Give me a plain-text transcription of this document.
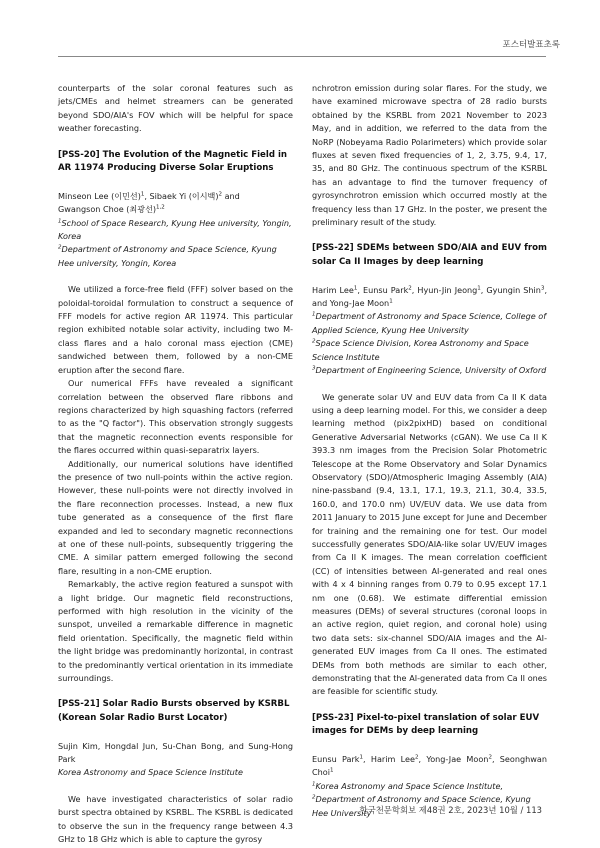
포스터발표초록

counterparts of the solar coronal features such as jets/CMEs and helmet streamers can be generated beyond SDO/AIA's FOV which will be helpful for space weather forecasting.

[PSS-20] The Evolution of the Magnetic Field in AR 11974 Producing Diverse Solar Eruptions

Minseon Lee (이민선)$^1$, Sibaek Yi (이시백)$^2$ and
Gwangson Choe (최광선)$^{1,2}$

$^1$School of Space Research, Kyung Hee university, Yongin, Korea
$^2$Department of Astronomy and Space Science, Kyung Hee university, Yongin, Korea

We utilized a force-free field (FFF) solver based on the poloidal-toroidal formulation to construct a sequence of FFF models for active region AR 11974. This particular region exhibited notable solar activity, including two M-class flares and a halo coronal mass ejection (CME) sandwiched between them, followed by a non-CME eruption after the second flare.

Our numerical FFFs have revealed a significant correlation between the observed flare ribbons and regions characterized by high squashing factors (referred to as the "Q factor"). This observation strongly suggests that the magnetic reconnection events responsible for the flares occurred within quasi-separatrix layers.

Additionally, our numerical solutions have identified the presence of two null-points within the active region. However, these null-points were not directly involved in the flare reconnection processes. Instead, a new flux tube generated as a consequence of the first flare expanded and led to secondary magnetic reconnections at one of these null-points, subsequently triggering the CME. A similar pattern emerged following the second flare, resulting in a non-CME eruption.

Remarkably, the active region featured a sunspot with a light bridge. Our magnetic field reconstructions, performed with high resolution in the vicinity of the sunspot, unveiled a remarkable difference in magnetic field orientation. Specifically, the magnetic field within the light bridge was predominantly horizontal, in contrast to the predominantly vertical orientation in its immediate surroundings.

[PSS-21] Solar Radio Bursts observed by KSRBL (Korean Solar Radio Burst Locator)

Sujin Kim, Hongdal Jun, Su-Chan Bong, and Sung-Hong Park

Korea Astronomy and Space Science Institute

We have investigated characteristics of solar radio burst spectra obtained by KSRBL. The KSRBL is dedicated to observe the sun in the frequency range between 4.3 GHz to 18 GHz which is able to capture the gyrosy

nchrotron emission during solar flares. For the study, we have examined microwave spectra of 28 radio bursts obtained by the KSRBL from 2021 November to 2023 May, and in addition, we referred to the data from the NoRP (Nobeyama Radio Polarimeters) which provide solar fluxes at seven fixed frequencies of 1, 2, 3.75, 9.4, 17, 35, and 80 GHz. The continuous spectrum of the KSRBL has an advantage to find the turnover frequency of gyrosynchrotron emission which occurred mostly at the frequency less than 17 GHz. In the poster, we present the preliminary result of the study.

[PSS-22] SDEMs between SDO/AIA and EUV from solar Ca II Images by deep learning

Harim Lee$^1$, Eunsu Park$^2$, Hyun-Jin Jeong$^1$, Gyungin Shin$^3$, and Yong-Jae Moon$^1$

$^1$Department of Astronomy and Space Science, College of Applied Science, Kyung Hee University
$^2$Space Science Division, Korea Astronomy and Space Science Institute
$^3$Department of Engineering Science, University of Oxford

We generate solar UV and EUV data from Ca II K data using a deep learning model. For this, we consider a deep learning method (pix2pixHD) based on conditional Generative Adversarial Networks (cGAN). We use Ca II K 393.3 nm images from the Precision Solar Photometric Telescope at the Rome Observatory and Solar Dynamics Observatory (SDO)/Atmospheric Imaging Assembly (AIA) nine-passband (9.4, 13.1, 17.1, 19.3, 21.1, 30.4, 33.5, 160.0, and 170.0 nm) UV/EUV data. We use data from 2011 January to 2015 June except for June and December for training and the remaining one for test. Our model successfully generates SDO/AIA-like solar UV/EUV images from Ca II K images. The mean correlation coefficient (CC) of intensities between AI-generated and real ones with 4 x 4 binning ranges from 0.79 to 0.95 except 17.1 nm one (0.68). We estimate differential emission measures (DEMs) of several structures (coronal loops in an active region, quiet region, and coronal hole) using two data sets: six-channel SDO/AIA images and the AI-generated EUV images from Ca II ones. The estimated DEMs from both methods are similar to each other, demonstrating that the AI-generated data from Ca II ones are feasible for scientific study.

[PSS-23] Pixel-to-pixel translation of solar EUV images for DEMs by deep learning

Eunsu Park$^1$, Harim Lee$^2$, Yong-Jae Moon$^2$, Seonghwan Choi$^1$

$^1$Korea Astronomy and Space Science Institute,
$^2$Department of Astronomy and Space Science, Kyung Hee University
한국천문학회보 제48권 2호, 2023년 10월 / 113
